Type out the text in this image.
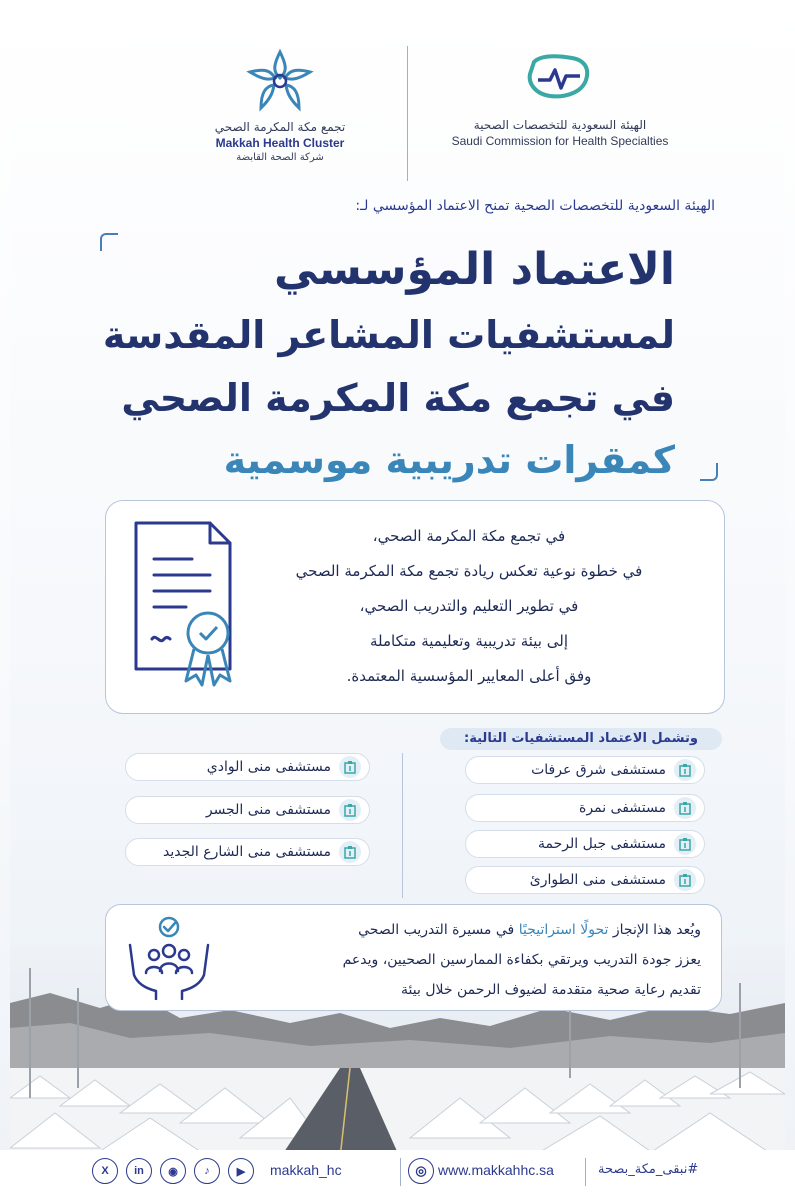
تجمع مكة المكرمة الصحي
Makkah Health Cluster
شركة الصحة القابضة
الهيئة السعودية للتخصصات الصحية
Saudi Commission for Health Specialties
الهيئة السعودية للتخصصات الصحية تمنح الاعتماد المؤسسي لـ:
الاعتماد المؤسسي
لمستشفيات المشاعر المقدسة
في تجمع مكة المكرمة الصحي
كمقرات تدريبية موسمية
في تجمع مكة المكرمة الصحي،
في خطوة نوعية تعكس ريادة تجمع مكة المكرمة الصحي
في تطوير التعليم والتدريب الصحي،
إلى بيئة تدريبية وتعليمية متكاملة
وفق أعلى المعايير المؤسسية المعتمدة.
وتشمل الاعتماد المستشفيات التالية:
مستشفى شرق عرفات
مستشفى نمرة
مستشفى جبل الرحمة
مستشفى منى الطوارئ
مستشفى منى الوادي
مستشفى منى الجسر
مستشفى منى الشارع الجديد
ويُعد هذا الإنجاز تحولًا استراتيجيًا في مسيرة التدريب الصحي
يعزز جودة التدريب ويرتقي بكفاءة الممارسين الصحيين، ويدعم
تقديم رعاية صحية متقدمة لضيوف الرحمن خلال بيئة
X	in	◉	♪	▶	makkah_hc	◎ www.makkahhc.sa	#نبقى_مكة_بصحة
